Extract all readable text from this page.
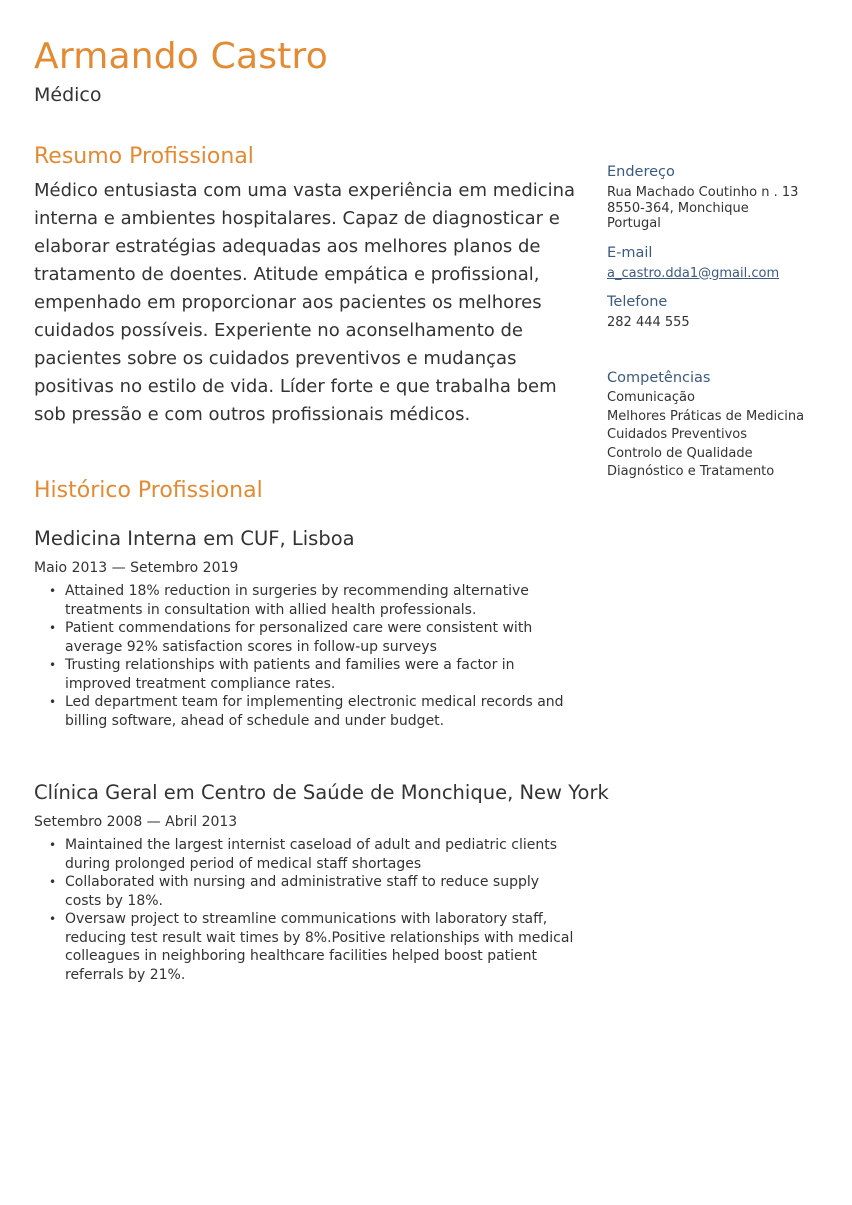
Armando Castro
Médico
Resumo Profissional

Médico entusiasta com uma vasta experiência em medicina interna e ambientes hospitalares. Capaz de diagnosticar e elaborar estratégias adequadas aos melhores planos de tratamento de doentes. Atitude empática e profissional, empenhado em proporcionar aos pacientes os melhores cuidados possíveis. Experiente no aconselhamento de pacientes sobre os cuidados preventivos e mudanças positivas no estilo de vida. Líder forte e que trabalha bem sob pressão e com outros profissionais médicos.

Histórico Profissional
Medicina Interna em CUF, Lisboa
Maio 2013 — Setembro 2019
• Attained 18% reduction in surgeries by recommending alternative treatments in consultation with allied health professionals.
• Patient commendations for personalized care were consistent with average 92% satisfaction scores in follow-up surveys
• Trusting relationships with patients and families were a factor in improved treatment compliance rates.
• Led department team for implementing electronic medical records and billing software, ahead of schedule and under budget.
Clínica Geral em Centro de Saúde de Monchique, New York
Setembro 2008 — Abril 2013
• Maintained the largest internist caseload of adult and pediatric clients during prolonged period of medical staff shortages
• Collaborated with nursing and administrative staff to reduce supply costs by 18%.
• Oversaw project to streamline communications with laboratory staff, reducing test result wait times by 8%.Positive relationships with medical colleagues in neighboring healthcare facilities helped boost patient referrals by 21%.
Endereço
Rua Machado Coutinho n . 13
8550-364, Monchique
Portugal
E-mail
a_castro.dda1@gmail.com
Telefone
282 444 555
Competências
Comunicação
Melhores Práticas de Medicina
Cuidados Preventivos
Controlo de Qualidade
Diagnóstico e Tratamento
